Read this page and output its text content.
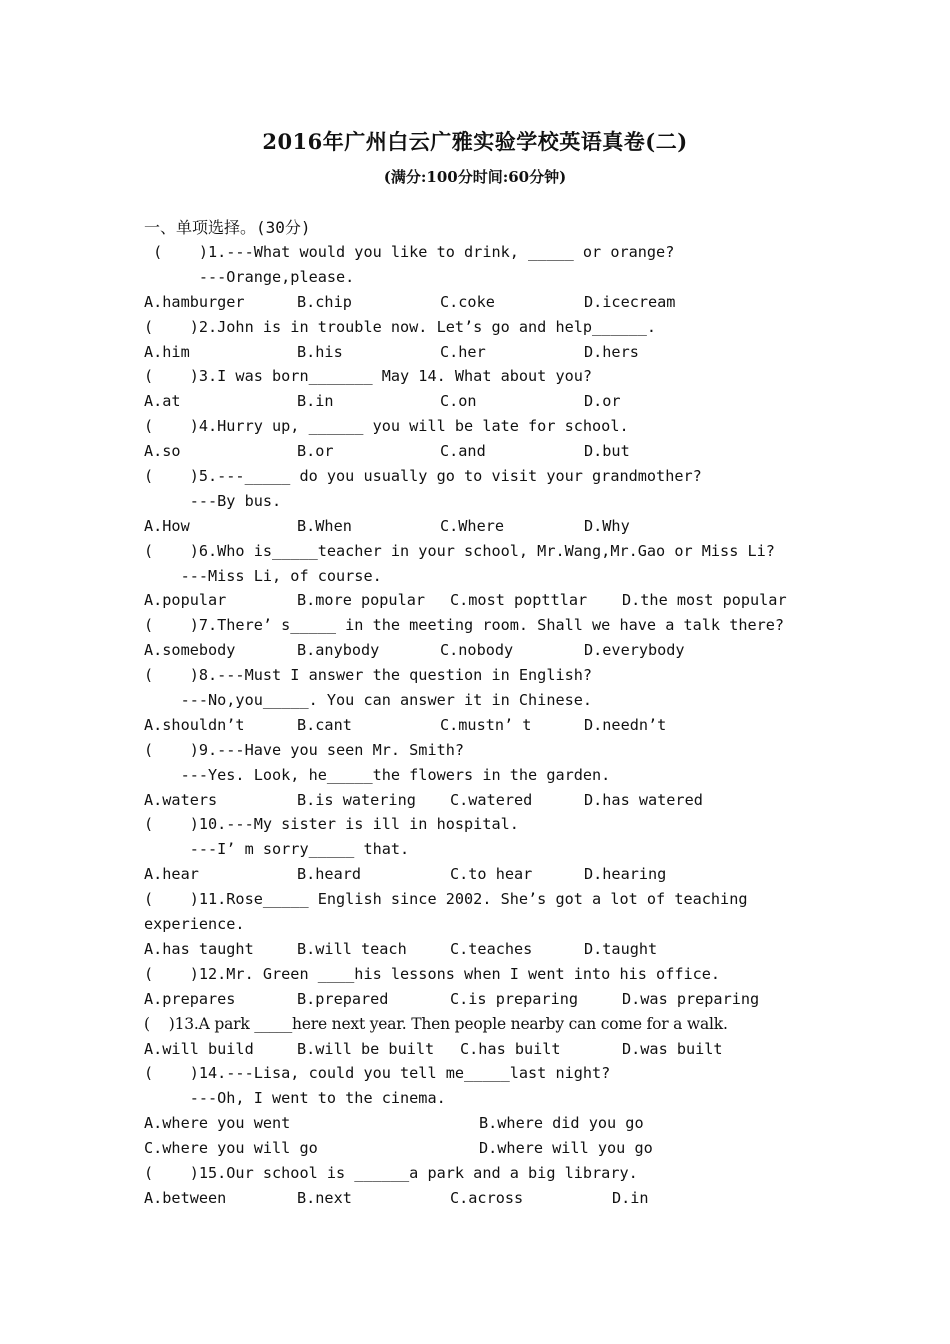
2016年广州白云广雅实验学校英语真卷(二)
(满分:100分时间:60分钟)
一、单项选择。(30分)
(    )1.---What would you like to drink, _____ or orange?
---Orange,please.
A.hamburger	B.chip	C.coke	D.icecream
(    )2.John is in trouble now. Let’s go and help______.
A.him	B.his	C.her	D.hers
(    )3.I was born_______ May 14. What about you?
A.at	B.in	C.on	D.or
(    )4.Hurry up, ______ you will be late for school.
A.so	B.or	C.and	D.but
(    )5.---_____ do you usually go to visit your grandmother?
---By bus.
A.How	B.When	C.Where	D.Why
(    )6.Who is_____teacher in your school, Mr.Wang,Mr.Gao or Miss Li?
---Miss Li, of course.
A.popular	B.more popular C.most popttlar D.the most popular
(    )7.There’ s_____ in the meeting room. Shall we have a talk there?
A.somebody	B.anybody	C.nobody	D.everybody
(    )8.---Must I answer the question in English?
---No,you_____. You can answer it in Chinese.
A.shouldn’t	B.cant	C.mustn’ t	D.needn’t
(    )9.---Have you seen Mr. Smith?
---Yes. Look, he_____the flowers in the garden.
A.waters	B.is watering C.watered	D.has watered
(    )10.---My sister is ill in hospital.
---I’ m sorry_____ that.
A.hear	B.heard	C.to hear	D.hearing
(    )11.Rose_____ English since 2002. She’s got a lot of teaching
experience.
A.has taught	B.will teach	C.teaches	D.taught
(    )12.Mr. Green ____his lessons when I went into his office.
A.prepares	B.prepared	C.is preparing	D.was preparing
(    )13.A park _____here next year. Then people nearby can come for a walk.
A.will build	B.will be built C.has built	D.was built
(    )14.---Lisa, could you tell me_____last night?
---Oh, I went to the cinema.
A.where you went	B.where did you go
C.where you will go	D.where will you go
(    )15.Our school is ______a park and a big library.
A.between	B.next	C.across	D.in
